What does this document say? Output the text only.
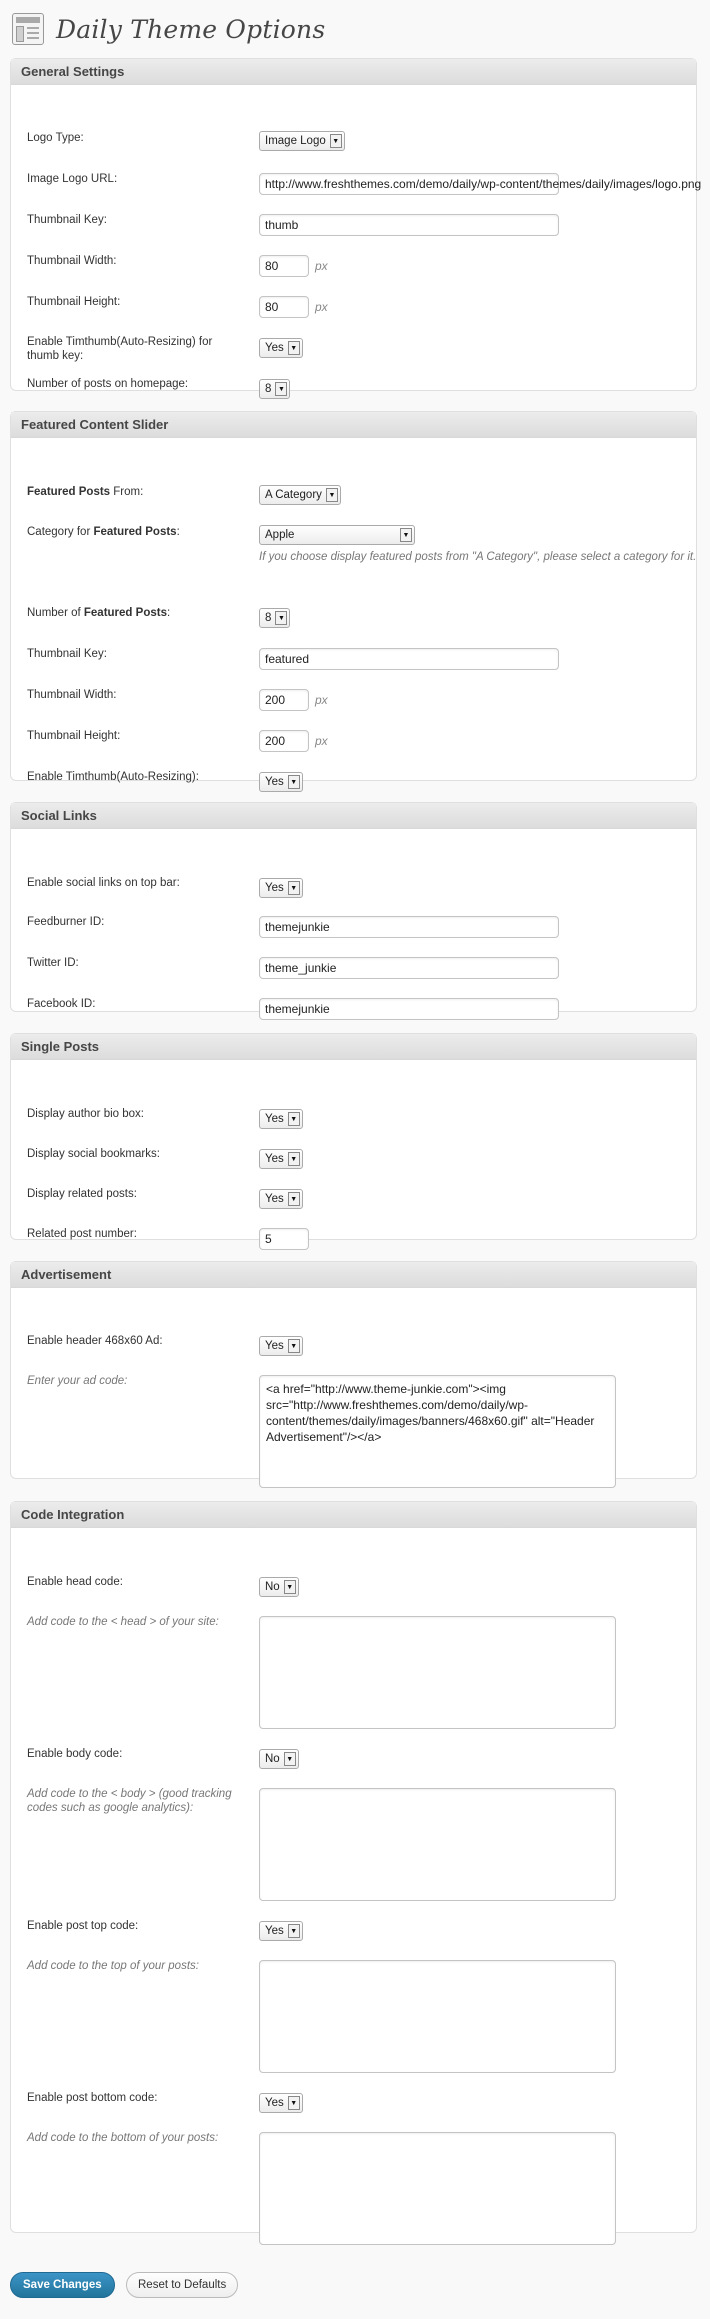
Daily Theme Options
General Settings
Logo Type:	Image Logo ▼
Image Logo URL:	http://www.freshthemes.com/demo/daily/wp-content/themes/daily/images/logo.png
Thumbnail Key:	thumb
Thumbnail Width:	80	px
Thumbnail Height:	80	px
Enable Timthumb(Auto-Resizing) for thumb key:
Yes ▼
Number of posts on homepage:	8 ▼
Featured Content Slider
Featured Posts From:	A Category ▼
Category for Featured Posts:	Apple	▼
If you choose display featured posts from "A Category", please select a category for it.
Number of Featured Posts:	8 ▼
Thumbnail Key:	featured
Thumbnail Width:	200	px
Thumbnail Height:	200	px
Enable Timthumb(Auto-Resizing):	Yes ▼
Social Links
Enable social links on top bar:	Yes ▼
Feedburner ID:	themejunkie
Twitter ID:	theme_junkie
Facebook ID:	themejunkie
Single Posts
Display author bio box:	Yes ▼
Display social bookmarks:	Yes ▼
Display related posts:	Yes ▼
Related post number:	5
Advertisement
Enable header 468x60 Ad:	Yes ▼
Enter your ad code:
<a href="http://www.theme-junkie.com"><img src="http://www.freshthemes.com/demo/daily/wp-content/themes/daily/images/banners/468x60.gif" alt="Header Advertisement"/></a>
Code Integration
Enable head code:	No ▼
Add code to the < head > of your site:
Enable body code:	No ▼
Add code to the < body > (good tracking codes such as google analytics):
Enable post top code:	Yes ▼
Add code to the top of your posts:
Enable post bottom code:	Yes ▼
Add code to the bottom of your posts:
Save Changes	Reset to Defaults
